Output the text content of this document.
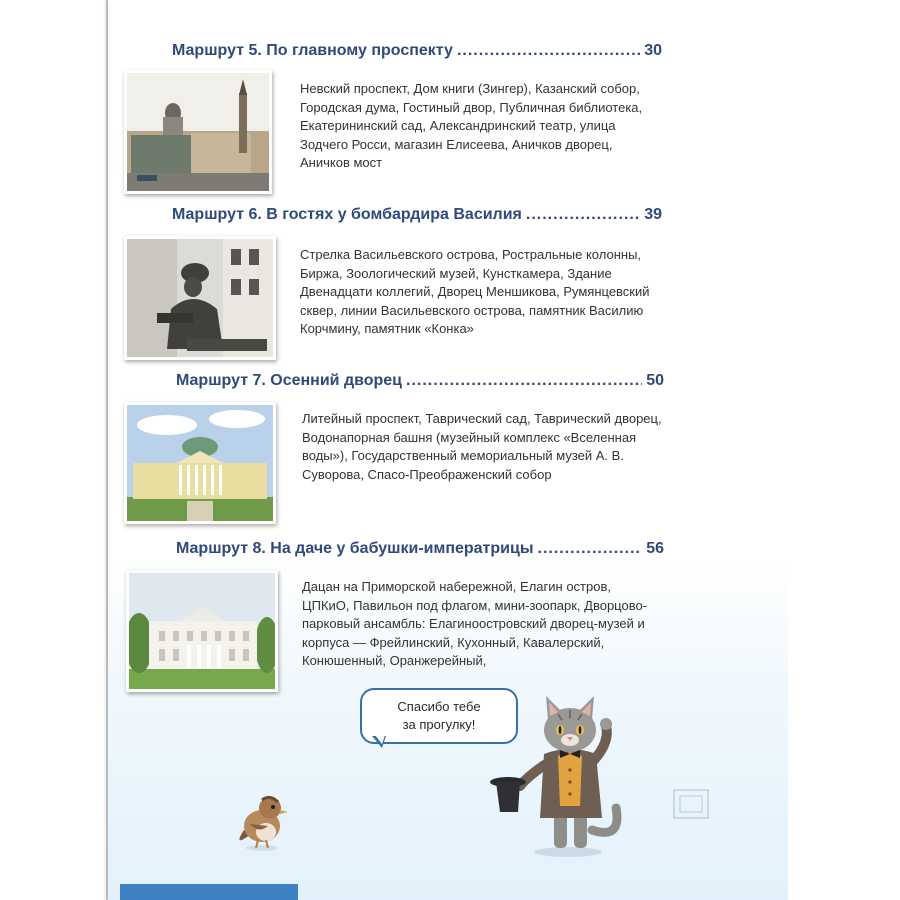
Маршрут 5. По главному проспекту .....	30
Невский проспект, Дом книги (Зингер), Казанский собор, Городская дума, Гостиный двор, Публичная библиотека, Екатерининский сад, Александринский театр, улица Зодчего Росси, магазин Елисеева, Аничков дворец, Аничков мост
Маршрут 6. В гостях у бомбардира Василия .....	39
Стрелка Васильевского острова, Ростральные колонны, Биржа, Зоологический музей, Кунсткамера, Здание Двенадцати коллегий, Дворец Меншикова, Румянцевский сквер, линии Васильевского острова, памятник Василию Корчмину, памятник «Конка»
Маршрут 7. Осенний дворец .....	50
Литейный проспект, Таврический сад, Таврический дворец, Водонапорная башня (музейный комплекс «Вселенная воды»), Государственный мемориальный музей А. В. Суворова, Спасо-Преображенский собор
Маршрут 8. На даче у бабушки-императрицы .....	56
Дацан на Приморской набережной, Елагин остров, ЦПКиО, Павильон под флагом, мини-зоопарк, Дворцово-парковый ансамбль: Елагиноостровский дворец-музей и корпуса — Фрейлинский, Кухонный, Кавалерский, Конюшенный, Оранжерейный,
Спасибо тебе
за прогулку!
